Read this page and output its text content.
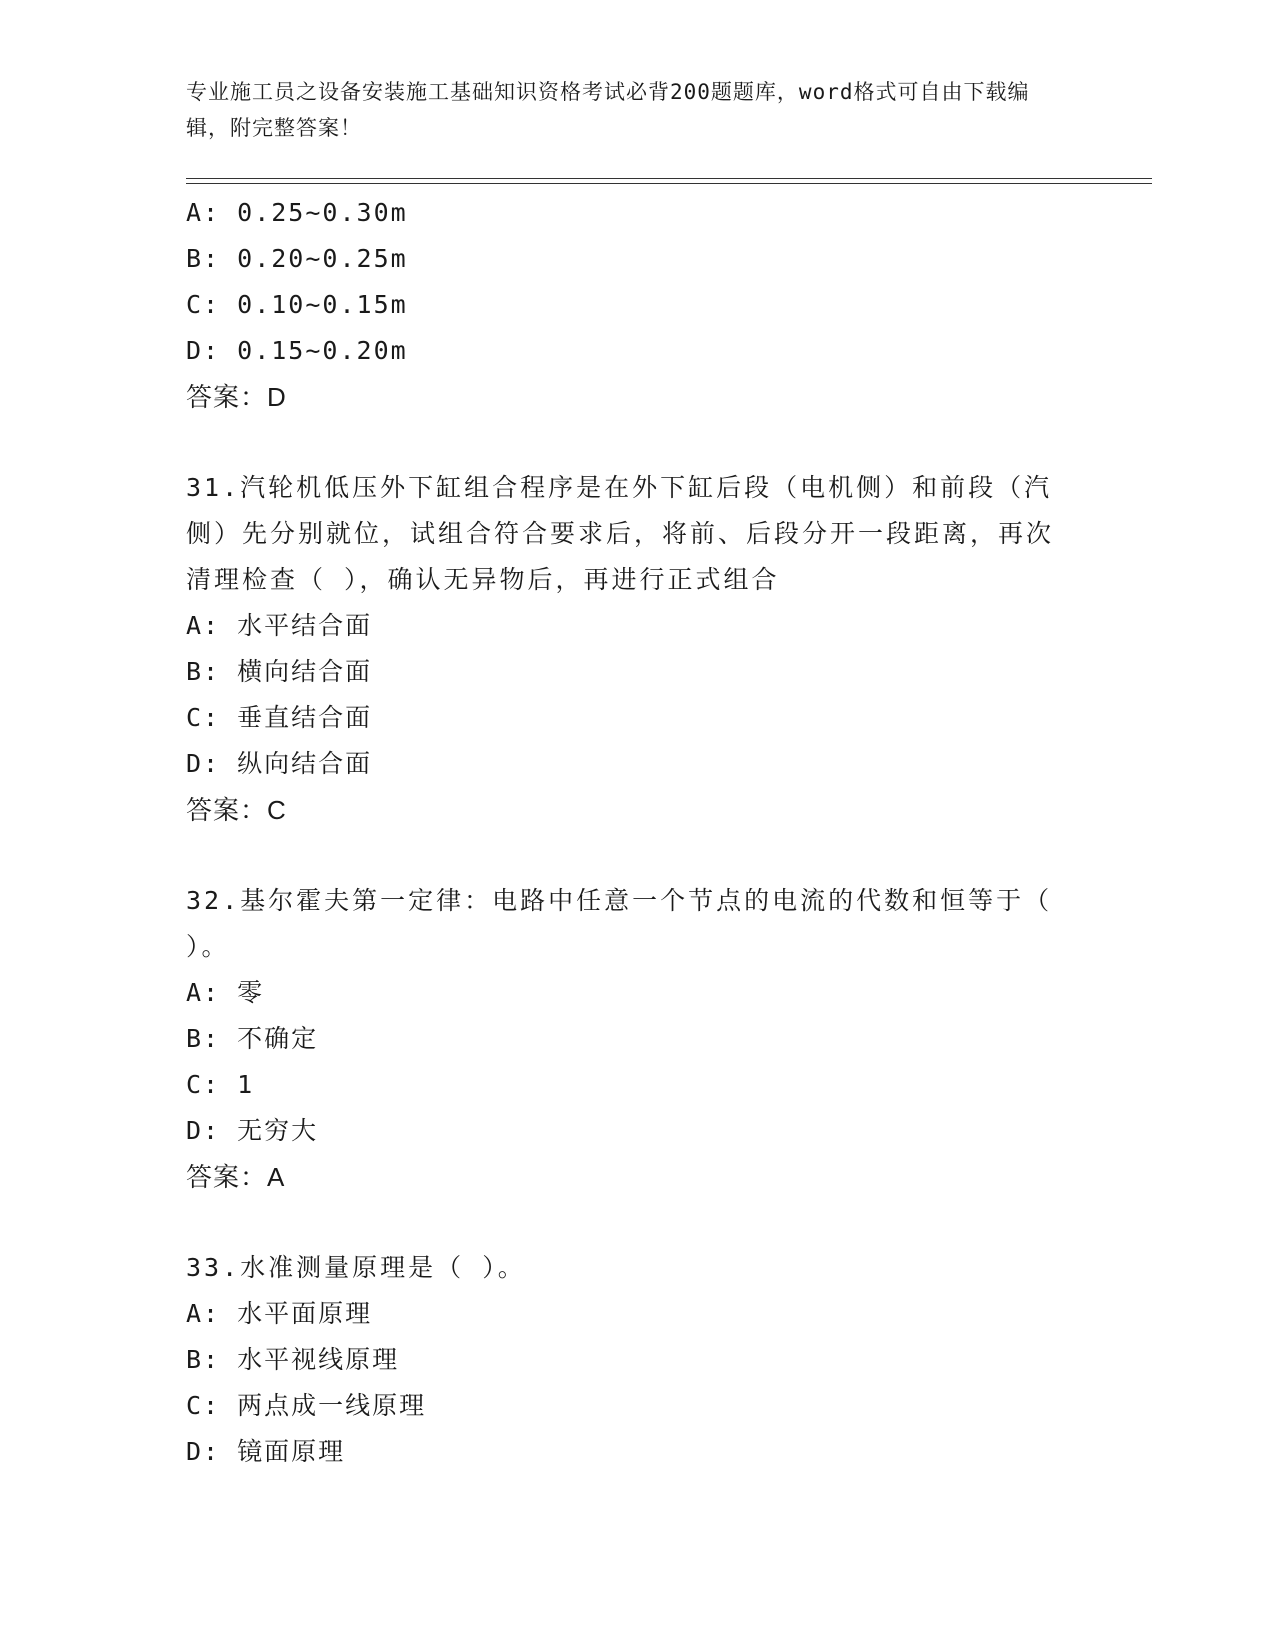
专业施工员之设备安装施工基础知识资格考试必背200题题库，word格式可自由下载编辑，附完整答案！
A: 0.25~0.30m
B: 0.20~0.25m
C: 0.10~0.15m
D: 0.15~0.20m
答案：D
31.汽轮机低压外下缸组合程序是在外下缸后段（电机侧）和前段（汽侧）先分别就位，试组合符合要求后，将前、后段分开一段距离，再次清理检查（ ），确认无异物后，再进行正式组合
A: 水平结合面
B: 横向结合面
C: 垂直结合面
D: 纵向结合面
答案：C
32.基尔霍夫第一定律：电路中任意一个节点的电流的代数和恒等于（ ）。
A: 零
B: 不确定
C: 1
D: 无穷大
答案：A
33.水准测量原理是（ ）。
A: 水平面原理
B: 水平视线原理
C: 两点成一线原理
D: 镜面原理
